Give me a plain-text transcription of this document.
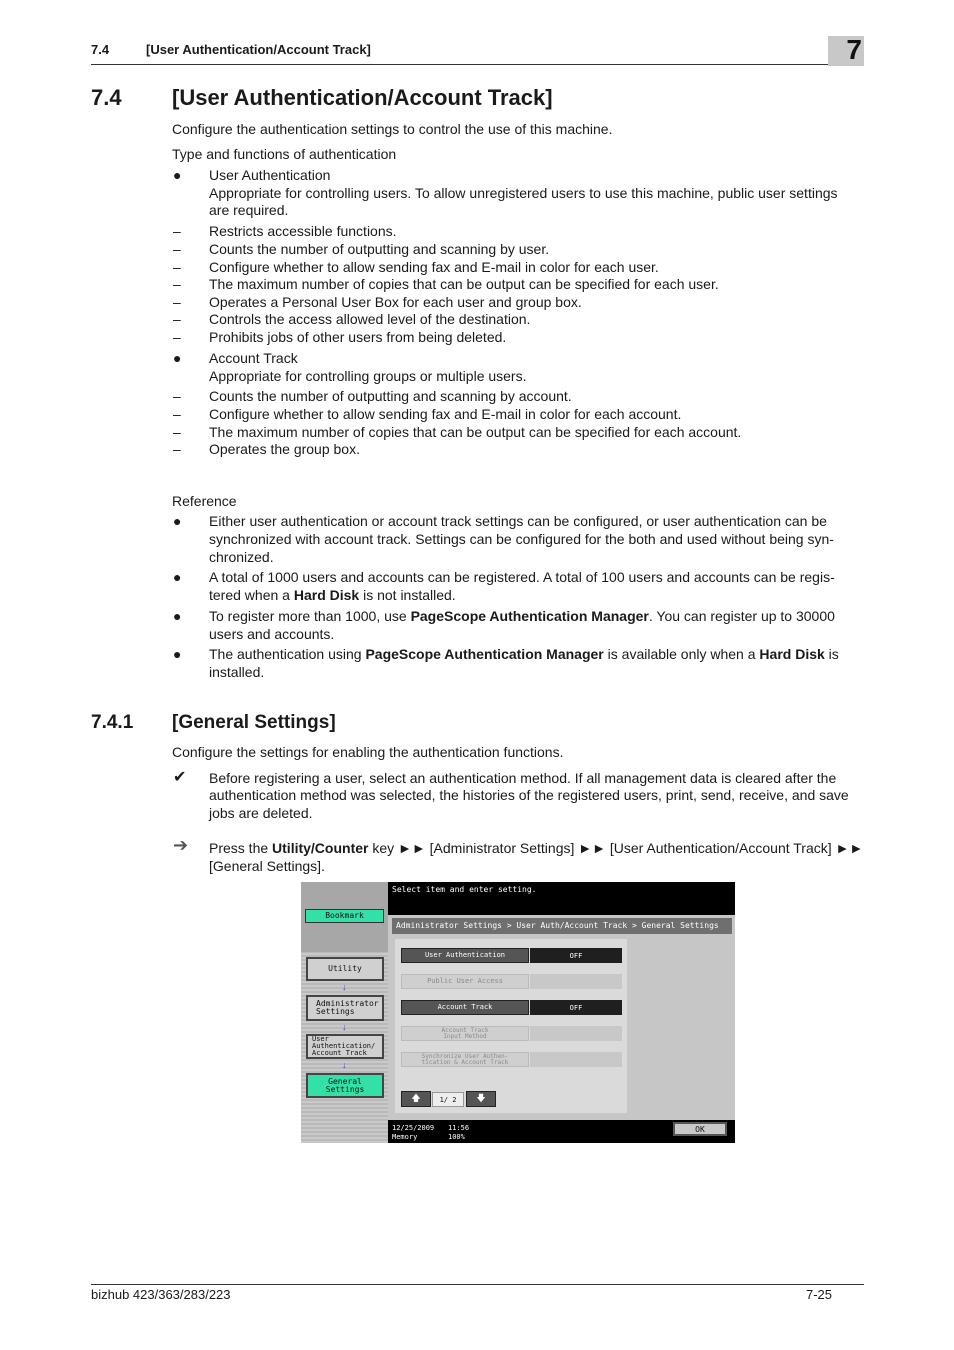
7.4	[User Authentication/Account Track]	7
7.4 [User Authentication/Account Track]
Configure the authentication settings to control the use of this machine.
Type and functions of authentication
● User Authentication
Appropriate for controlling users. To allow unregistered users to use this machine, public user settings
are required.
– Restricts accessible functions.
– Counts the number of outputting and scanning by user.
– Configure whether to allow sending fax and E-mail in color for each user.
– The maximum number of copies that can be output can be specified for each user.
– Operates a Personal User Box for each user and group box.
– Controls the access allowed level of the destination.
– Prohibits jobs of other users from being deleted.
● Account Track
Appropriate for controlling groups or multiple users.
– Counts the number of outputting and scanning by account.
– Configure whether to allow sending fax and E-mail in color for each account.
– The maximum number of copies that can be output can be specified for each account.
– Operates the group box.
Reference
● Either user authentication or account track settings can be configured, or user authentication can be
synchronized with account track. Settings can be configured for the both and used without being syn-
chronized.
● A total of 1000 users and accounts can be registered. A total of 100 users and accounts can be regis-
tered when a Hard Disk is not installed.
● To register more than 1000, use PageScope Authentication Manager. You can register up to 30000
users and accounts.
● The authentication using PageScope Authentication Manager is available only when a Hard Disk is
installed.
7.4.1 [General Settings]
Configure the settings for enabling the authentication functions.
✔ Before registering a user, select an authentication method. If all management data is cleared after the
authentication method was selected, the histories of the registered users, print, send, receive, and save
jobs are deleted.
➔ Press the Utility/Counter key ►► [Administrator Settings] ►► [User Authentication/Account Track] ►►
[General Settings].
Bookmark
Utility
↓
Administrator
Settings
↓
User
Authentication/
Account Track
↓
General Settings
Select item and enter setting.
Administrator Settings > User Auth/Account Track > General Settings
User Authentication	OFF
Public User Access
Account Track	OFF
Account Track
Input Method
Synchronize User Authen-
tication & Account Track
🡅	1/ 2	🡇
12/25/2009 11:56
Memory	100%
OK
bizhub 423/363/283/223	7-25
